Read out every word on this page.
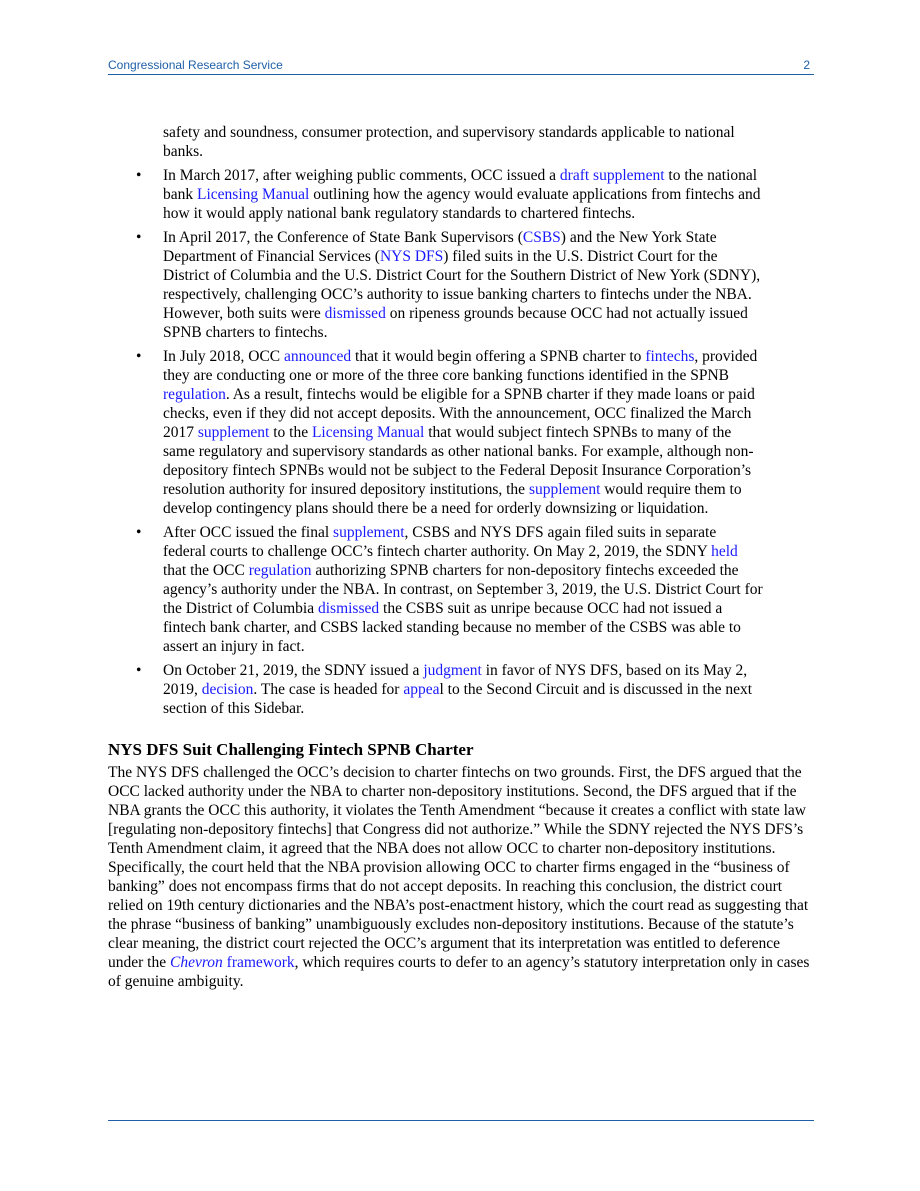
Congressional Research Service	2

safety and soundness, consumer protection, and supervisory standards applicable to national banks.

• In March 2017, after weighing public comments, OCC issued a draft supplement to the national bank Licensing Manual outlining how the agency would evaluate applications from fintechs and how it would apply national bank regulatory standards to chartered fintechs.
• In April 2017, the Conference of State Bank Supervisors (CSBS) and the New York State Department of Financial Services (NYS DFS) filed suits in the U.S. District Court for the District of Columbia and the U.S. District Court for the Southern District of New York (SDNY), respectively, challenging OCC’s authority to issue banking charters to fintechs under the NBA. However, both suits were dismissed on ripeness grounds because OCC had not actually issued SPNB charters to fintechs.
• In July 2018, OCC announced that it would begin offering a SPNB charter to fintechs, provided they are conducting one or more of the three core banking functions identified in the SPNB regulation. As a result, fintechs would be eligible for a SPNB charter if they made loans or paid checks, even if they did not accept deposits. With the announcement, OCC finalized the March 2017 supplement to the Licensing Manual that would subject fintech SPNBs to many of the same regulatory and supervisory standards as other national banks. For example, although non-depository fintech SPNBs would not be subject to the Federal Deposit Insurance Corporation’s resolution authority for insured depository institutions, the supplement would require them to develop contingency plans should there be a need for orderly downsizing or liquidation.
• After OCC issued the final supplement, CSBS and NYS DFS again filed suits in separate federal courts to challenge OCC’s fintech charter authority. On May 2, 2019, the SDNY held that the OCC regulation authorizing SPNB charters for non-depository fintechs exceeded the agency’s authority under the NBA. In contrast, on September 3, 2019, the U.S. District Court for the District of Columbia dismissed the CSBS suit as unripe because OCC had not issued a fintech bank charter, and CSBS lacked standing because no member of the CSBS was able to assert an injury in fact.
• On October 21, 2019, the SDNY issued a judgment in favor of NYS DFS, based on its May 2, 2019, decision. The case is headed for appeal to the Second Circuit and is discussed in the next section of this Sidebar.
NYS DFS Suit Challenging Fintech SPNB Charter

The NYS DFS challenged the OCC’s decision to charter fintechs on two grounds. First, the DFS argued that the OCC lacked authority under the NBA to charter non-depository institutions. Second, the DFS argued that if the NBA grants the OCC this authority, it violates the Tenth Amendment “because it creates a conflict with state law [regulating non-depository fintechs] that Congress did not authorize.” While the SDNY rejected the NYS DFS’s Tenth Amendment claim, it agreed that the NBA does not allow OCC to charter non-depository institutions. Specifically, the court held that the NBA provision allowing OCC to charter firms engaged in the “business of banking” does not encompass firms that do not accept deposits. In reaching this conclusion, the district court relied on 19th century dictionaries and the NBA’s post-enactment history, which the court read as suggesting that the phrase “business of banking” unambiguously excludes non-depository institutions. Because of the statute’s clear meaning, the district court rejected the OCC’s argument that its interpretation was entitled to deference under the Chevron framework, which requires courts to defer to an agency’s statutory interpretation only in cases of genuine ambiguity.
